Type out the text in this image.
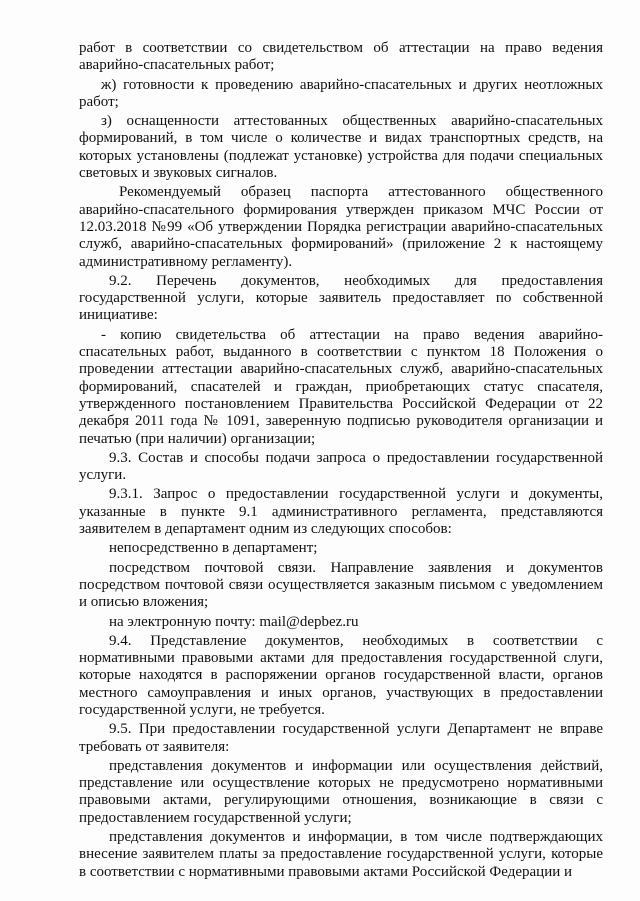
работ в соответствии со свидетельством об аттестации на право ведения аварийно-спасательных работ;

ж) готовности к проведению аварийно-спасательных и других неотложных работ;

з) оснащенности аттестованных общественных аварийно-спасательных формирований, в том числе о количестве и видах транспортных средств, на которых установлены (подлежат установке) устройства для подачи специальных световых и звуковых сигналов.

Рекомендуемый образец паспорта аттестованного общественного аварийно-спасательного формирования утвержден приказом МЧС России от 12.03.2018 №99 «Об утверждении Порядка регистрации аварийно-спасательных служб, аварийно-спасательных формирований» (приложение 2 к настоящему административному регламенту).

9.2. Перечень документов, необходимых для предоставления государственной услуги, которые заявитель предоставляет по собственной инициативе:

- копию свидетельства об аттестации на право ведения аварийно-спасательных работ, выданного в соответствии с пунктом 18 Положения о проведении аттестации аварийно-спасательных служб, аварийно-спасательных формирований, спасателей и граждан, приобретающих статус спасателя, утвержденного постановлением Правительства Российской Федерации от 22 декабря 2011 года № 1091, заверенную подписью руководителя организации и печатью (при наличии) организации;

9.3. Состав и способы подачи запроса о предоставлении государственной услуги.

9.3.1. Запрос о предоставлении государственной услуги и документы, указанные в пункте 9.1 административного регламента, представляются заявителем в департамент одним из следующих способов:

непосредственно в департамент;

посредством почтовой связи. Направление заявления и документов посредством почтовой связи осуществляется заказным письмом с уведомлением и описью вложения;

на электронную почту: mail@depbez.ru

9.4. Представление документов, необходимых в соответствии с нормативными правовыми актами для предоставления государственной слуги, которые находятся в распоряжении органов государственной власти, органов местного самоуправления и иных органов, участвующих в предоставлении государственной услуги, не требуется.

9.5. При предоставлении государственной услуги Департамент не вправе требовать от заявителя:

представления документов и информации или осуществления действий, представление или осуществление которых не предусмотрено нормативными правовыми актами, регулирующими отношения, возникающие в связи с предоставлением государственной услуги;

представления документов и информации, в том числе подтверждающих внесение заявителем платы за предоставление государственной услуги, которые в соответствии с нормативными правовыми актами Российской Федерации и
